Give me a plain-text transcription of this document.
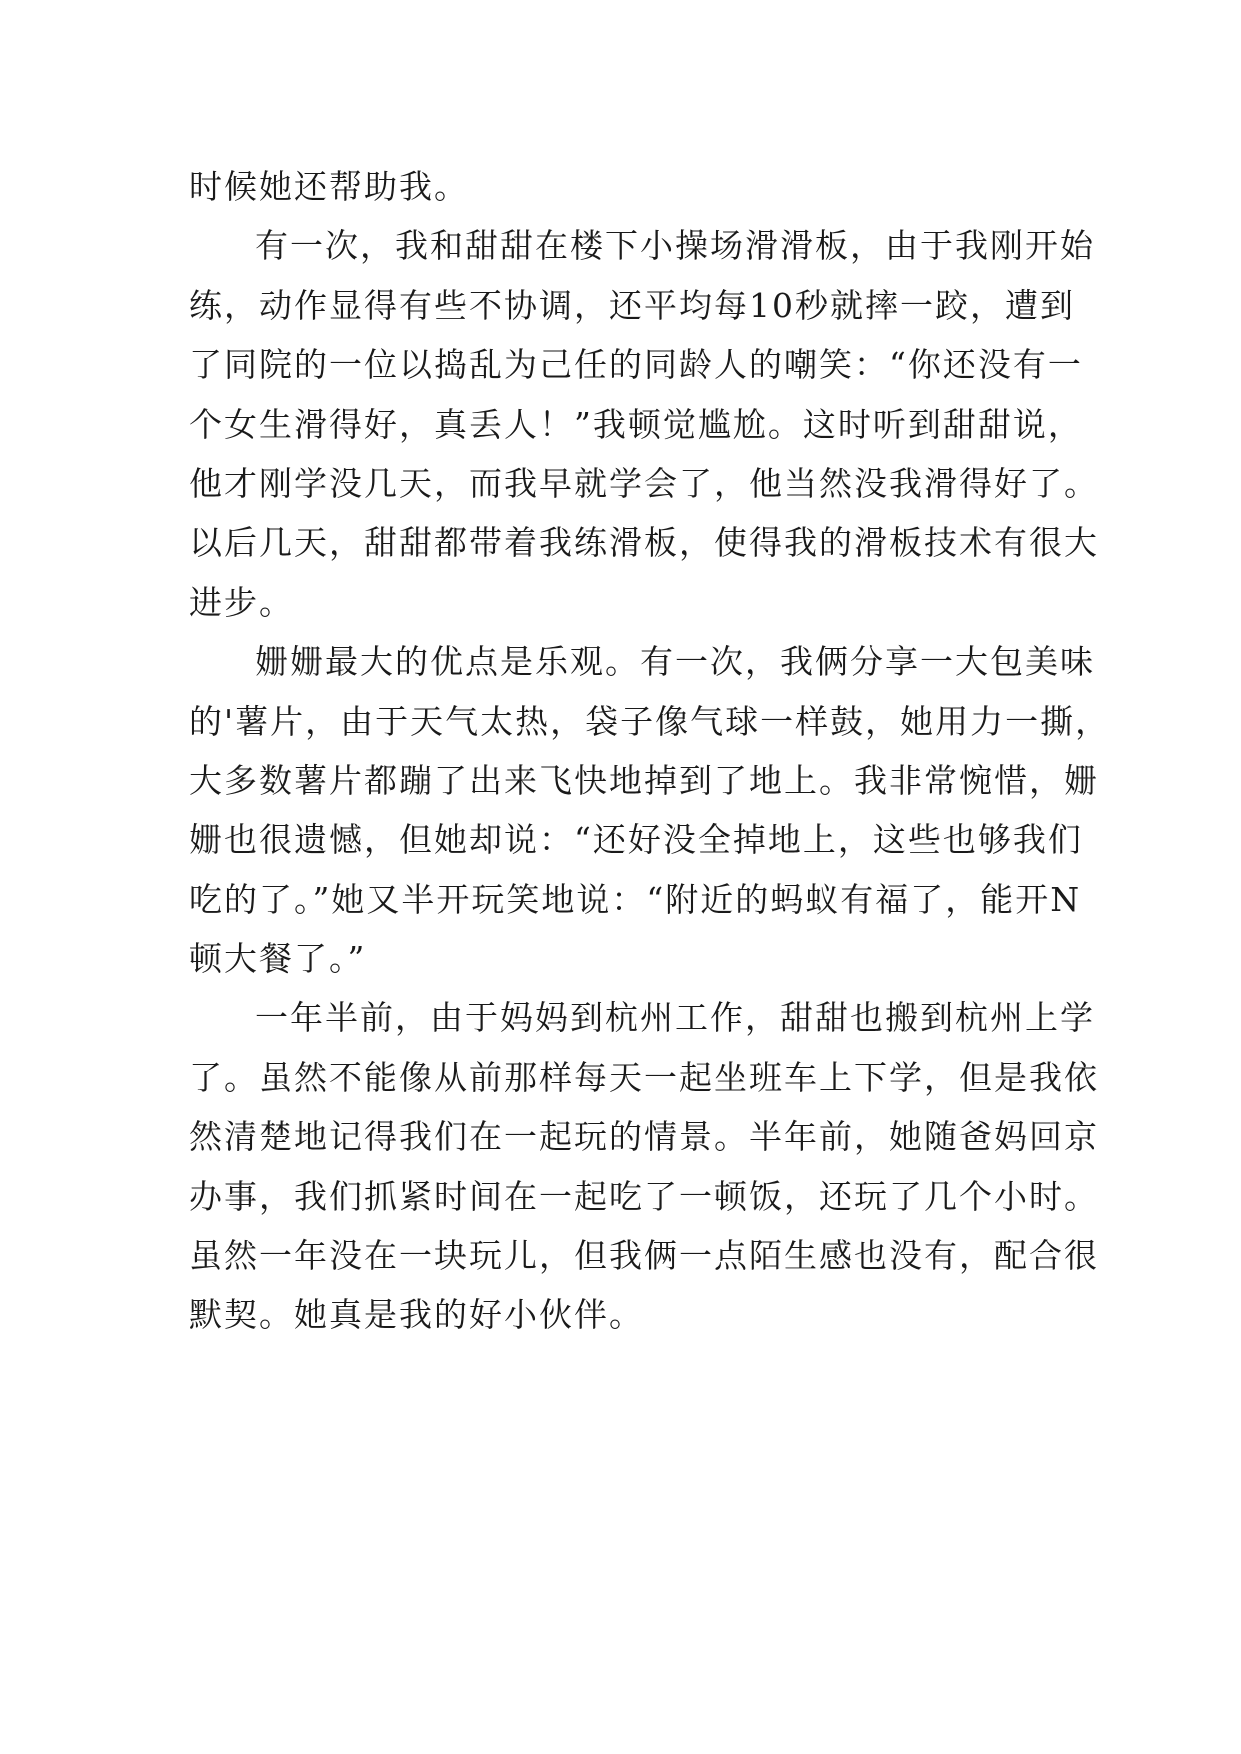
时候她还帮助我。
有一次，我和甜甜在楼下小操场滑滑板，由于我刚开始
练，动作显得有些不协调，还平均每10秒就摔一跤，遭到
了同院的一位以捣乱为己任的同龄人的嘲笑：“你还没有一
个女生滑得好，真丢人！”我顿觉尴尬。这时听到甜甜说，
他才刚学没几天，而我早就学会了，他当然没我滑得好了。
以后几天，甜甜都带着我练滑板，使得我的滑板技术有很大
进步。
姗姗最大的优点是乐观。有一次，我俩分享一大包美味
的'薯片，由于天气太热，袋子像气球一样鼓，她用力一撕，
大多数薯片都蹦了出来飞快地掉到了地上。我非常惋惜，姗
姗也很遗憾，但她却说：“还好没全掉地上，这些也够我们
吃的了。”她又半开玩笑地说：“附近的蚂蚁有福了，能开N
顿大餐了。”
一年半前，由于妈妈到杭州工作，甜甜也搬到杭州上学
了。虽然不能像从前那样每天一起坐班车上下学，但是我依
然清楚地记得我们在一起玩的情景。半年前，她随爸妈回京
办事，我们抓紧时间在一起吃了一顿饭，还玩了几个小时。
虽然一年没在一块玩儿，但我俩一点陌生感也没有，配合很
默契。她真是我的好小伙伴。
